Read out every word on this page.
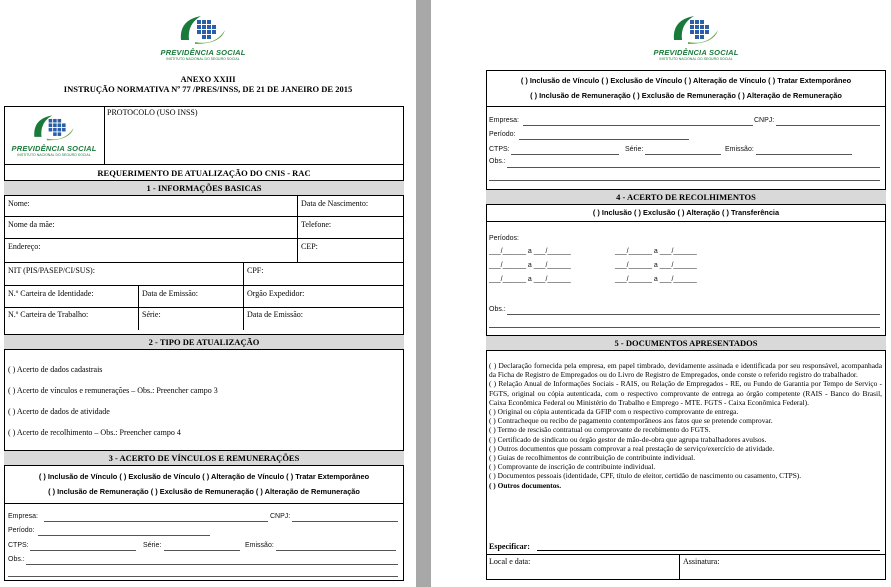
PREVIDÊNCIA SOCIAL
INSTITUTO NACIONAL DO SEGURO SOCIAL
ANEXO XXIII
INSTRUÇÃO NORMATIVA Nº 77 /PRES/INSS, DE 21 DE JANEIRO DE 2015
PREVIDÊNCIA SOCIAL
INSTITUTO NACIONAL DO SEGURO SOCIAL
PROTOCOLO (USO INSS)
REQUERIMENTO DE ATUALIZAÇÃO DO CNIS - RAC
1 - INFORMAÇÕES BASICAS
Nome:	Data de Nascimento:
Nome da mãe:	Telefone:
Endereço:	CEP:
NIT (PIS/PASEP/CI/SUS):	CPF:
N.º Carteira de Identidade:	Data de Emissão:	Orgão Expedidor:
N.º Carteira de Trabalho:	Série:	Data de Emissão:
2 - TIPO DE ATUALIZAÇÃO
( ) Acerto de dados cadastrais
( ) Acerto de vínculos e remunerações – Obs.: Preencher campo 3
( ) Acerto de dados de atividade
( ) Acerto de recolhimento – Obs.: Preencher campo 4
3 - ACERTO DE VÍNCULOS E REMUNERAÇÕES
( ) Inclusão de Vínculo ( ) Exclusão de Vínculo ( ) Alteração de Vínculo ( ) Tratar Extemporâneo
( ) Inclusão de Remuneração ( ) Exclusão de Remuneração ( ) Alteração de Remuneração
Empresa:	CNPJ:
Período:
CTPS:	Série:	Emissão:
Obs.:
PREVIDÊNCIA SOCIAL
INSTITUTO NACIONAL DO SEGURO SOCIAL
( ) Inclusão de Vínculo ( ) Exclusão de Vínculo ( ) Alteração de Vínculo ( ) Tratar Extemporâneo
( ) Inclusão de Remuneração ( ) Exclusão de Remuneração ( ) Alteração de Remuneração
Empresa:	CNPJ:
Período:
CTPS:	Série:	Emissão:
Obs.:
4 - ACERTO DE RECOLHIMENTOS
( ) Inclusão ( ) Exclusão ( ) Alteração ( ) Transferência
Períodos:
___/______ a ___/______	___/______ a ___/______
___/______ a ___/______	___/______ a ___/______
___/______ a ___/______	___/______ a ___/______
Obs.:
5 - DOCUMENTOS APRESENTADOS
( ) Declaração fornecida pela empresa, em papel timbrado, devidamente assinada e identificada por seu responsável, acompanhada da Ficha de Registro de Empregados ou do Livro de Registro de Empregados, onde conste o referido registro do trabalhador.
( ) Relação Anual de Informações Sociais - RAIS, ou Relação de Empregados - RE, ou Fundo de Garantia por Tempo de Serviço - FGTS, original ou cópia autenticada, com o respectivo comprovante de entrega ao órgão competente (RAIS - Banco do Brasil, Caixa Econômica Federal ou Ministério do Trabalho e Emprego - MTE. FGTS - Caixa Econômica Federal).
( ) Original ou cópia autenticada da GFIP com o respectivo comprovante de entrega.
( ) Contracheque ou recibo de pagamento contemporâneos aos fatos que se pretende comprovar.
( ) Termo de rescisão contratual ou comprovante de recebimento do FGTS.
( ) Certificado de sindicato ou órgão gestor de mão-de-obra que agrupa trabalhadores avulsos.
( ) Outros documentos que possam comprovar a real prestação de serviço/exercício de atividade.
( ) Guias de recolhimentos de contribuição de contribuinte individual.
( ) Comprovante de inscrição de contribuinte individual.
( ) Documentos pessoais (identidade, CPF, título de eleitor, certidão de nascimento ou casamento, CTPS).
( ) Outros documentos.
Especificar:
Local e data:	Assinatura:
